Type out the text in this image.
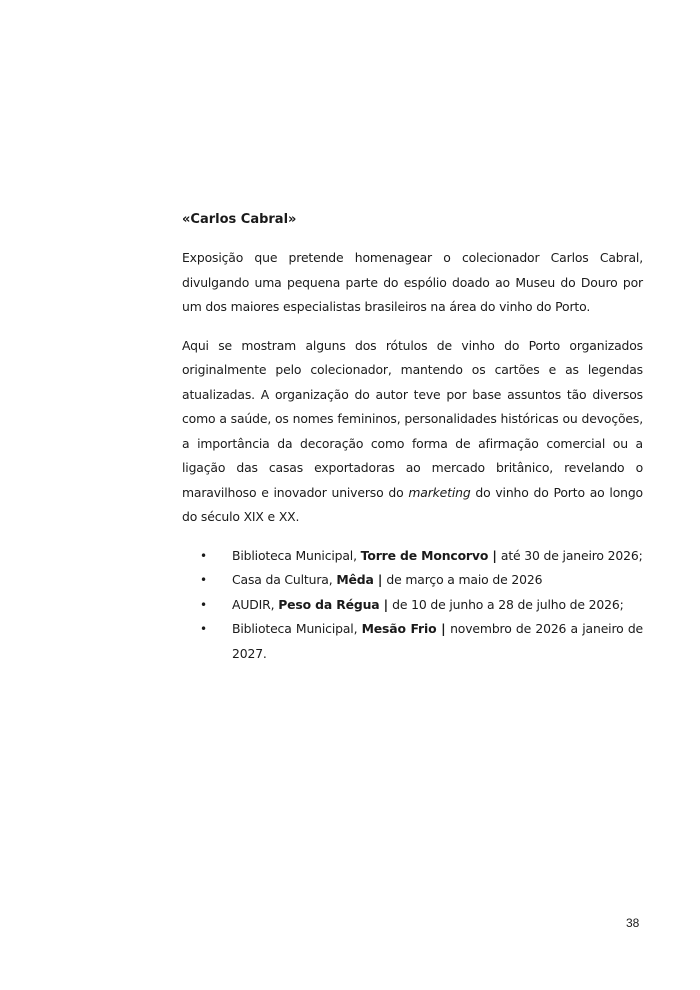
«Carlos Cabral»

Exposição que pretende homenagear o colecionador Carlos Cabral, divulgando uma pequena parte do espólio doado ao Museu do Douro por um dos maiores especialistas brasileiros na área do vinho do Porto.

Aqui se mostram alguns dos rótulos de vinho do Porto organizados originalmente pelo colecionador, mantendo os cartões e as legendas atualizadas. A organização do autor teve por base assuntos tão diversos como a saúde, os nomes femininos, personalidades históricas ou devoções, a importância da decoração como forma de afirmação comercial ou a ligação das casas exportadoras ao mercado britânico, revelando o maravilhoso e inovador universo do marketing do vinho do Porto ao longo do século XIX e XX.

• Biblioteca Municipal, Torre de Moncorvo | até 30 de janeiro 2026;
• Casa da Cultura, Mêda | de março a maio de 2026
• AUDIR, Peso da Régua | de 10 de junho a 28 de julho de 2026;
• Biblioteca Municipal, Mesão Frio | novembro de 2026 a janeiro de 2027.
38
